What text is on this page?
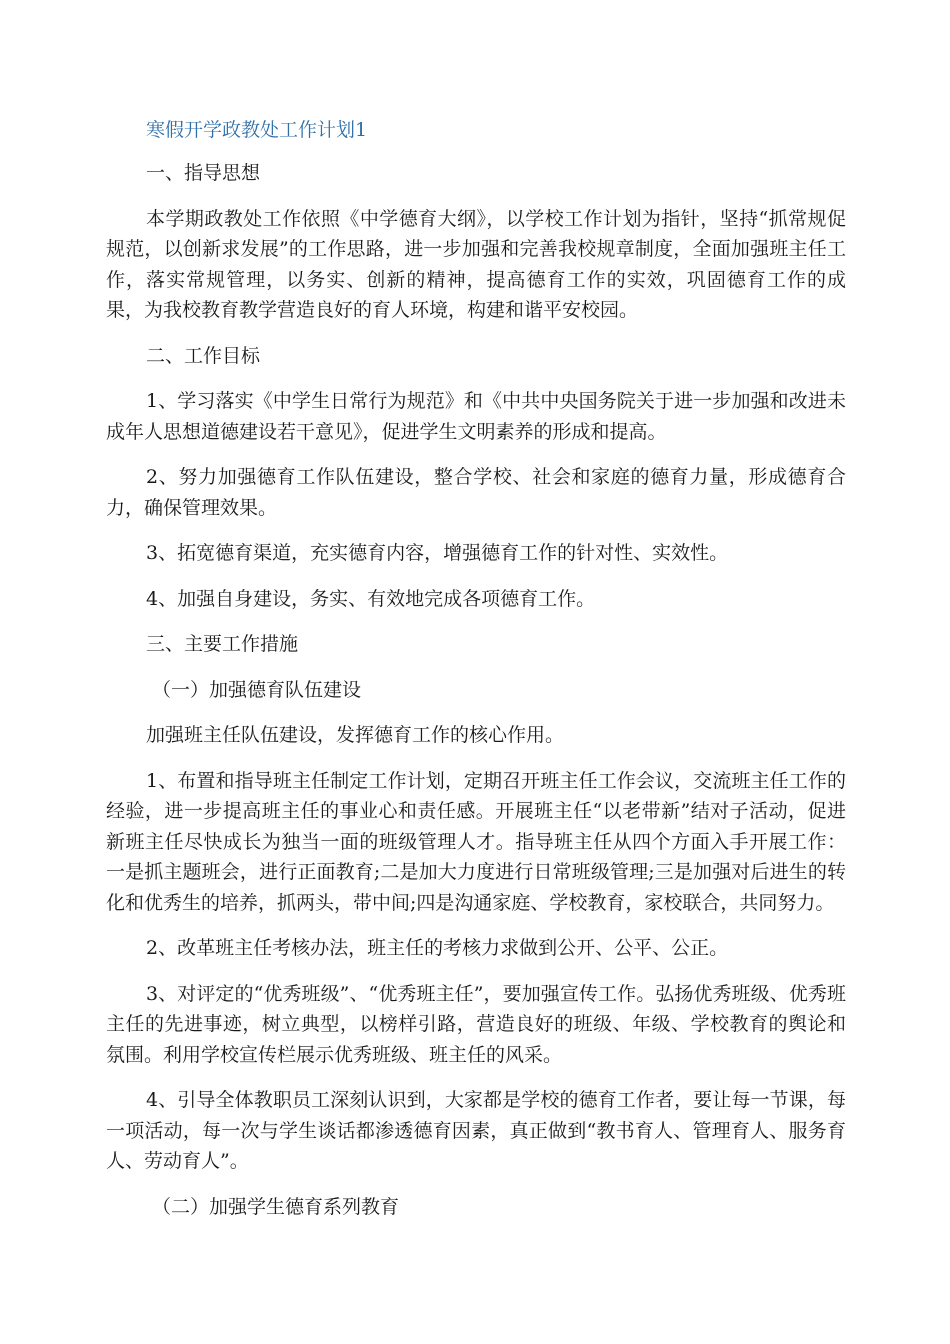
寒假开学政教处工作计划1
一、指导思想
本学期政教处工作依照《中学德育大纲》，以学校工作计划为指针，坚持“抓常规促规范，以创新求发展”的工作思路，进一步加强和完善我校规章制度，全面加强班主任工作，落实常规管理，以务实、创新的精神，提高德育工作的实效，巩固德育工作的成果，为我校教育教学营造良好的育人环境，构建和谐平安校园。
二、工作目标
1、学习落实《中学生日常行为规范》和《中共中央国务院关于进一步加强和改进未成年人思想道德建设若干意见》，促进学生文明素养的形成和提高。
2、努力加强德育工作队伍建设，整合学校、社会和家庭的德育力量，形成德育合力，确保管理效果。
3、拓宽德育渠道，充实德育内容，增强德育工作的针对性、实效性。
4、加强自身建设，务实、有效地完成各项德育工作。
三、主要工作措施
（一）加强德育队伍建设
加强班主任队伍建设，发挥德育工作的核心作用。
1、布置和指导班主任制定工作计划，定期召开班主任工作会议，交流班主任工作的经验，进一步提高班主任的事业心和责任感。开展班主任“以老带新”结对子活动，促进新班主任尽快成长为独当一面的班级管理人才。指导班主任从四个方面入手开展工作：一是抓主题班会，进行正面教育;二是加大力度进行日常班级管理;三是加强对后进生的转化和优秀生的培养，抓两头，带中间;四是沟通家庭、学校教育，家校联合，共同努力。
2、改革班主任考核办法，班主任的考核力求做到公开、公平、公正。
3、对评定的“优秀班级”、“优秀班主任”，要加强宣传工作。弘扬优秀班级、优秀班主任的先进事迹，树立典型，以榜样引路，营造良好的班级、年级、学校教育的舆论和氛围。利用学校宣传栏展示优秀班级、班主任的风采。
4、引导全体教职员工深刻认识到，大家都是学校的德育工作者，要让每一节课，每一项活动，每一次与学生谈话都渗透德育因素，真正做到“教书育人、管理育人、服务育人、劳动育人”。
（二）加强学生德育系列教育
